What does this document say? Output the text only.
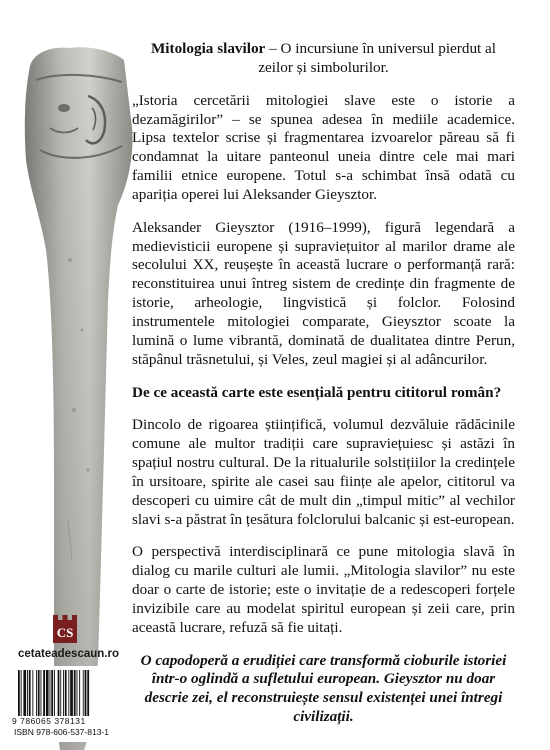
Mitologia slavilor – O incursiune în universul pierdut al zeilor și simbolurilor.

„Istoria cercetării mitologiei slave este o istorie a dezamăgirilor” – se spunea adesea în mediile academice. Lipsa textelor scrise și fragmentarea izvoarelor păreau să fi condamnat la uitare panteonul uneia dintre cele mai mari familii etnice europene. Totul s-a schimbat însă odată cu apariția operei lui Aleksander Gieysztor.

Aleksander Gieysztor (1916–1999), figură legendară a medievisticii europene și supraviețuitor al marilor drame ale secolului XX, reușește în această lucrare o performanță rară: reconstituirea unui întreg sistem de credințe din fragmente de istorie, arheologie, lingvistică și folclor. Folosind instrumentele mitologiei comparate, Gieysztor scoate la lumină o lume vibrantă, dominată de dualitatea dintre Perun, stăpânul trăsnetului, și Veles, zeul magiei și al adâncurilor.

De ce această carte este esențială pentru cititorul român?

Dincolo de rigoarea științifică, volumul dezvăluie rădăcinile comune ale multor tradiții care supraviețuiesc și astăzi în spațiul nostru cultural. De la ritualurile solstițiilor la credințele în ursitoare, spirite ale casei sau ființe ale apelor, cititorul va descoperi cu uimire cât de mult din „timpul mitic” al vechilor slavi s-a păstrat în țesătura folclorului balcanic și est-european.

O perspectivă interdisciplinară ce pune mitologia slavă în dialog cu marile culturi ale lumii. „Mitologia slavilor” nu este doar o carte de istorie; este o invitație de a redescoperi forțele invizibile care au modelat spiritul european și zeii care, prin această lucrare, refuză să fie uitați.

O capodoperă a erudiției care transformă cioburile istoriei într-o oglindă a sufletului european. Gieysztor nu doar descrie zei, el reconstruiește sensul existenței unei întregi civilizații.

CS
cetateadescaun.ro
9 786065 378131
ISBN 978-606-537-813-1
